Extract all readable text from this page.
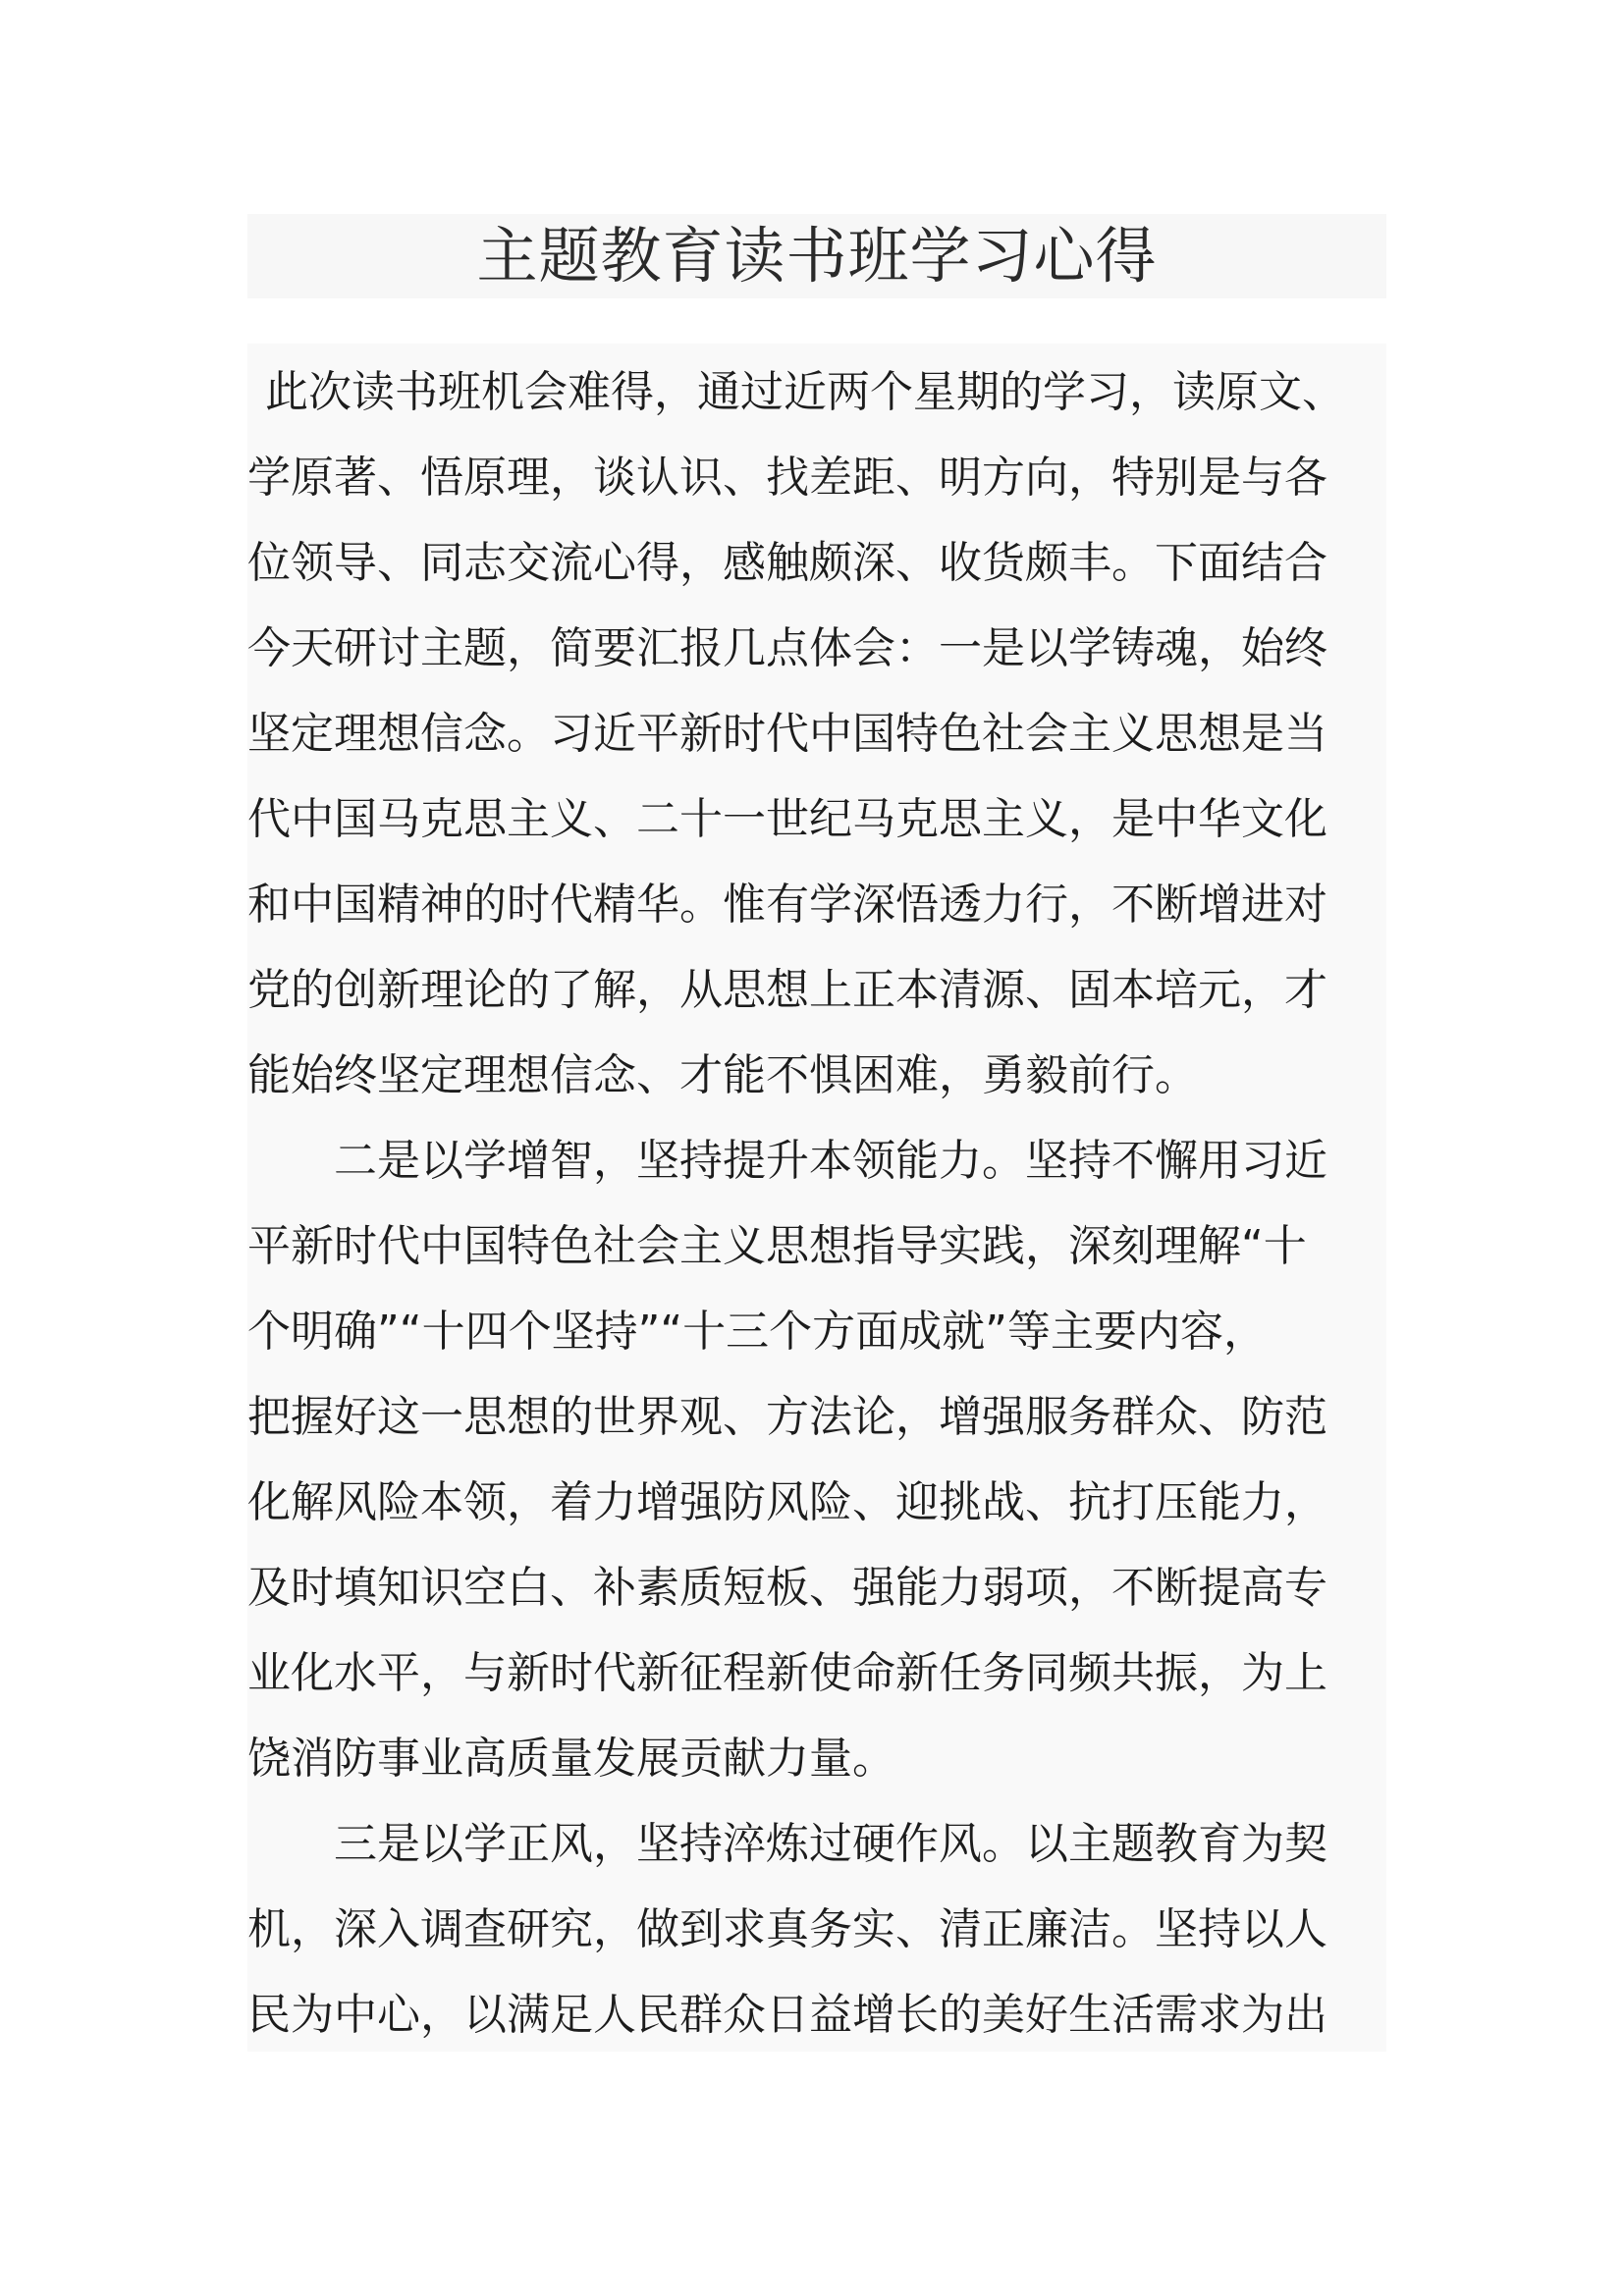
主题教育读书班学习心得
此次读书班机会难得，通过近两个星期的学习，读原文、
学原著、悟原理，谈认识、找差距、明方向，特别是与各
位领导、同志交流心得，感触颇深、收货颇丰。下面结合
今天研讨主题，简要汇报几点体会：一是以学铸魂，始终
坚定理想信念。习近平新时代中国特色社会主义思想是当
代中国马克思主义、二十一世纪马克思主义，是中华文化
和中国精神的时代精华。惟有学深悟透力行，不断增进对
党的创新理论的了解，从思想上正本清源、固本培元，才
能始终坚定理想信念、才能不惧困难，勇毅前行。
二是以学增智，坚持提升本领能力。坚持不懈用习近
平新时代中国特色社会主义思想指导实践，深刻理解“十
个明确”“十四个坚持”“十三个方面成就”等主要内容，
把握好这一思想的世界观、方法论，增强服务群众、防范
化解风险本领，着力增强防风险、迎挑战、抗打压能力，
及时填知识空白、补素质短板、强能力弱项，不断提高专
业化水平，与新时代新征程新使命新任务同频共振，为上
饶消防事业高质量发展贡献力量。
三是以学正风，坚持淬炼过硬作风。以主题教育为契
机，深入调查研究，做到求真务实、清正廉洁。坚持以人
民为中心，以满足人民群众日益增长的美好生活需求为出
